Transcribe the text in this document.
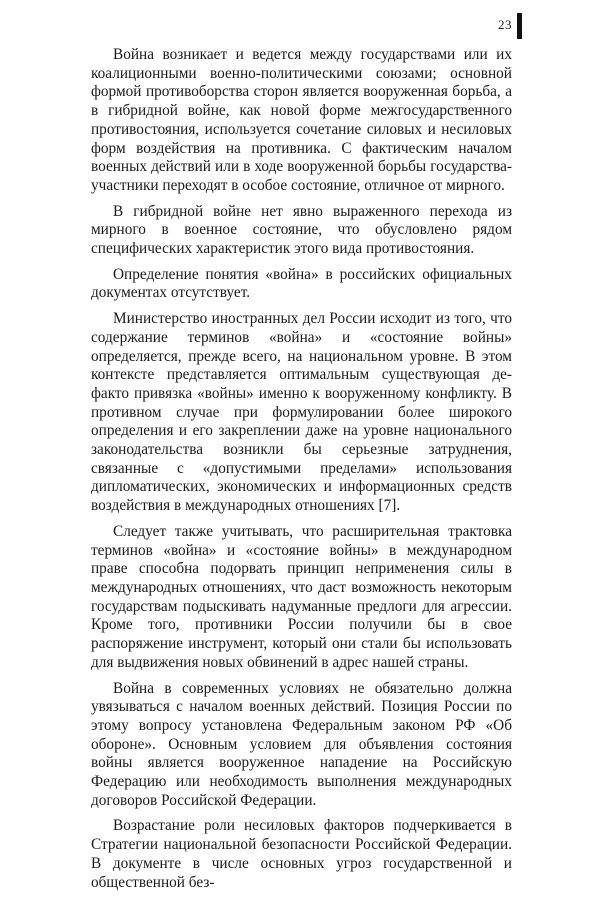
23

Война возникает и ведется между государствами или их коалиционными военно-политическими союзами; основной формой противоборства сторон является вооруженная борьба, а в гибридной войне, как новой форме межгосударственного противостояния, используется сочетание силовых и несиловых форм воздействия на противника. С фактическим началом военных действий или в ходе вооруженной борьбы государства-участники переходят в особое состояние, отличное от мирного.

В гибридной войне нет явно выраженного перехода из мирного в военное состояние, что обусловлено рядом специфических характеристик этого вида противостояния.

Определение понятия «война» в российских официальных документах отсутствует.

Министерство иностранных дел России исходит из того, что содержание терминов «война» и «состояние войны» определяется, прежде всего, на национальном уровне. В этом контексте представляется оптимальным существующая де-факто привязка «войны» именно к вооруженному конфликту. В противном случае при формулировании более широкого определения и его закреплении даже на уровне национального законодательства возникли бы серьезные затруднения, связанные с «допустимыми пределами» использования дипломатических, экономических и информационных средств воздействия в международных отношениях [7].

Следует также учитывать, что расширительная трактовка терминов «война» и «состояние войны» в международном праве способна подорвать принцип неприменения силы в международных отношениях, что даст возможность некоторым государствам подыскивать надуманные предлоги для агрессии. Кроме того, противники России получили бы в свое распоряжение инструмент, который они стали бы использовать для выдвижения новых обвинений в адрес нашей страны.

Война в современных условиях не обязательно должна увязываться с началом военных действий. Позиция России по этому вопросу установлена Федеральным законом РФ «Об обороне». Основным условием для объявления состояния войны является вооруженное нападение на Российскую Федерацию или необходимость выполнения международных договоров Российской Федерации.

Возрастание роли несиловых факторов подчеркивается в Стратегии национальной безопасности Российской Федерации. В документе в числе основных угроз государственной и общественной без-
